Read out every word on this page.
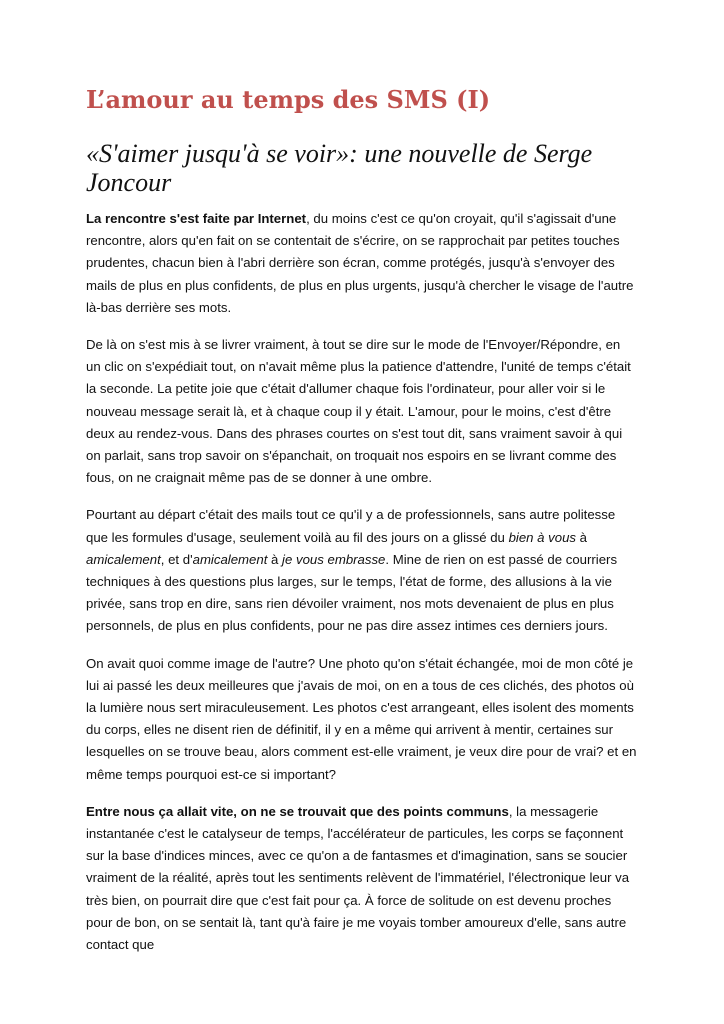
L’amour au temps des SMS (I)
«S'aimer jusqu'à se voir»: une nouvelle de Serge Joncour

La rencontre s'est faite par Internet, du moins c'est ce qu'on croyait, qu'il s'agissait d'une rencontre, alors qu'en fait on se contentait de s'écrire, on se rapprochait par petites touches prudentes, chacun bien à l'abri derrière son écran, comme protégés, jusqu'à s'envoyer des mails de plus en plus confidents, de plus en plus urgents, jusqu'à chercher le visage de l'autre là-bas derrière ses mots.

De là on s'est mis à se livrer vraiment, à tout se dire sur le mode de l'Envoyer/Répondre, en un clic on s'expédiait tout, on n'avait même plus la patience d'attendre, l'unité de temps c'était la seconde. La petite joie que c'était d'allumer chaque fois l'ordinateur, pour aller voir si le nouveau message serait là, et à chaque coup il y était. L'amour, pour le moins, c'est d'être deux au rendez-vous. Dans des phrases courtes on s'est tout dit, sans vraiment savoir à qui on parlait, sans trop savoir on s'épanchait, on troquait nos espoirs en se livrant comme des fous, on ne craignait même pas de se donner à une ombre.

Pourtant au départ c'était des mails tout ce qu'il y a de professionnels, sans autre politesse que les formules d'usage, seulement voilà au fil des jours on a glissé du bien à vous à amicalement, et d'amicalement à je vous embrasse. Mine de rien on est passé de courriers techniques à des questions plus larges, sur le temps, l'état de forme, des allusions à la vie privée, sans trop en dire, sans rien dévoiler vraiment, nos mots devenaient de plus en plus personnels, de plus en plus confidents, pour ne pas dire assez intimes ces derniers jours.

On avait quoi comme image de l'autre? Une photo qu'on s'était échangée, moi de mon côté je lui ai passé les deux meilleures que j'avais de moi, on en a tous de ces clichés, des photos où la lumière nous sert miraculeusement. Les photos c'est arrangeant, elles isolent des moments du corps, elles ne disent rien de définitif, il y en a même qui arrivent à mentir, certaines sur lesquelles on se trouve beau, alors comment est-elle vraiment, je veux dire pour de vrai? et en même temps pourquoi est-ce si important?

Entre nous ça allait vite, on ne se trouvait que des points communs, la messagerie instantanée c'est le catalyseur de temps, l'accélérateur de particules, les corps se façonnent sur la base d'indices minces, avec ce qu'on a de fantasmes et d'imagination, sans se soucier vraiment de la réalité, après tout les sentiments relèvent de l'immatériel, l'électronique leur va très bien, on pourrait dire que c'est fait pour ça. À force de solitude on est devenu proches pour de bon, on se sentait là, tant qu'à faire je me voyais tomber amoureux d'elle, sans autre contact que
